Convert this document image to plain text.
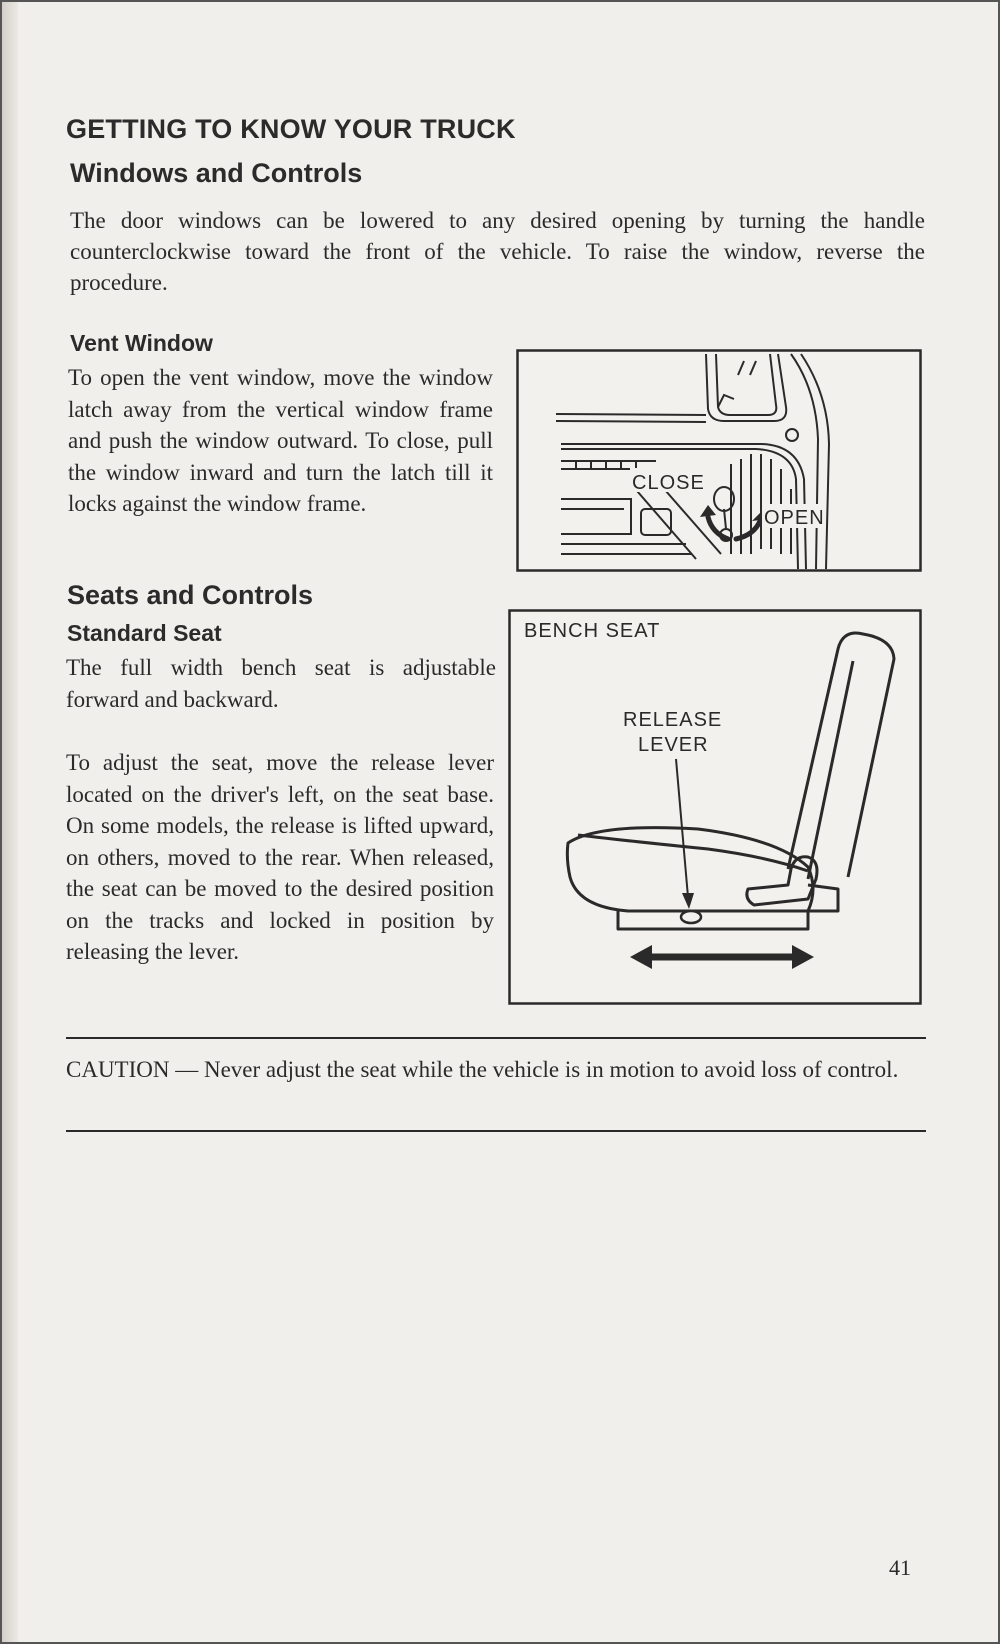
GETTING TO KNOW YOUR TRUCK
Windows and Controls
The door windows can be lowered to any desired opening by turning the handle counterclockwise toward the front of the vehicle. To raise the window, reverse the procedure.
Vent Window
To open the vent window, move the window latch away from the vertical window frame and push the window outward. To close, pull the window inward and turn the latch till it locks against the window frame.
CLOSE
OPEN
Seats and Controls
Standard Seat
The full width bench seat is adjustable forward and backward.
To adjust the seat, move the release lever located on the driver's left, on the seat base. On some models, the release is lifted upward, on others, moved to the rear. When released, the seat can be moved to the desired position on the tracks and locked in position by releasing the lever.
BENCH SEAT
RELEASE
LEVER
CAUTION — Never adjust the seat while the vehicle is in motion to avoid loss of control.
41
